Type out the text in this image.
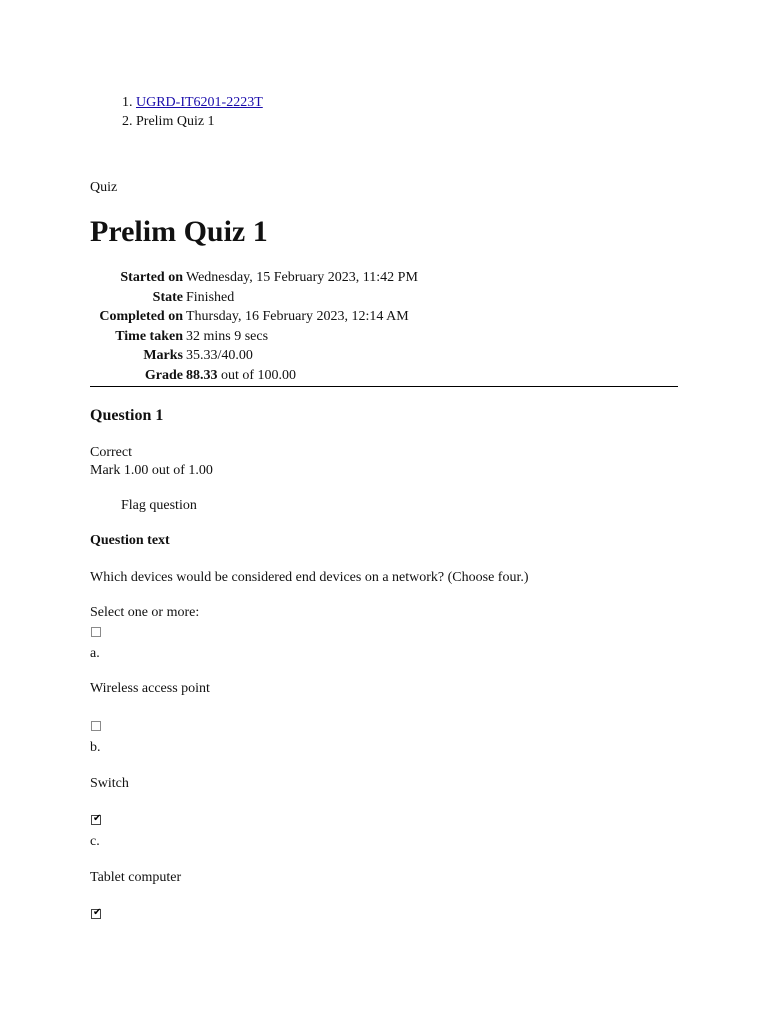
1. UGRD-IT6201-2223T
2. Prelim Quiz 1
Quiz
Prelim Quiz 1
Started on	Wednesday, 15 February 2023, 11:42 PM
State	Finished
Completed on	Thursday, 16 February 2023, 12:14 AM
Time taken	32 mins 9 secs
Marks	35.33/40.00
Grade	88.33 out of 100.00
Question 1
Correct
Mark 1.00 out of 1.00
Flag question
Question text
Which devices would be considered end devices on a network? (Choose four.)
Select one or more:
a.
Wireless access point
b.
Switch
✔
c.
Tablet computer
✔
